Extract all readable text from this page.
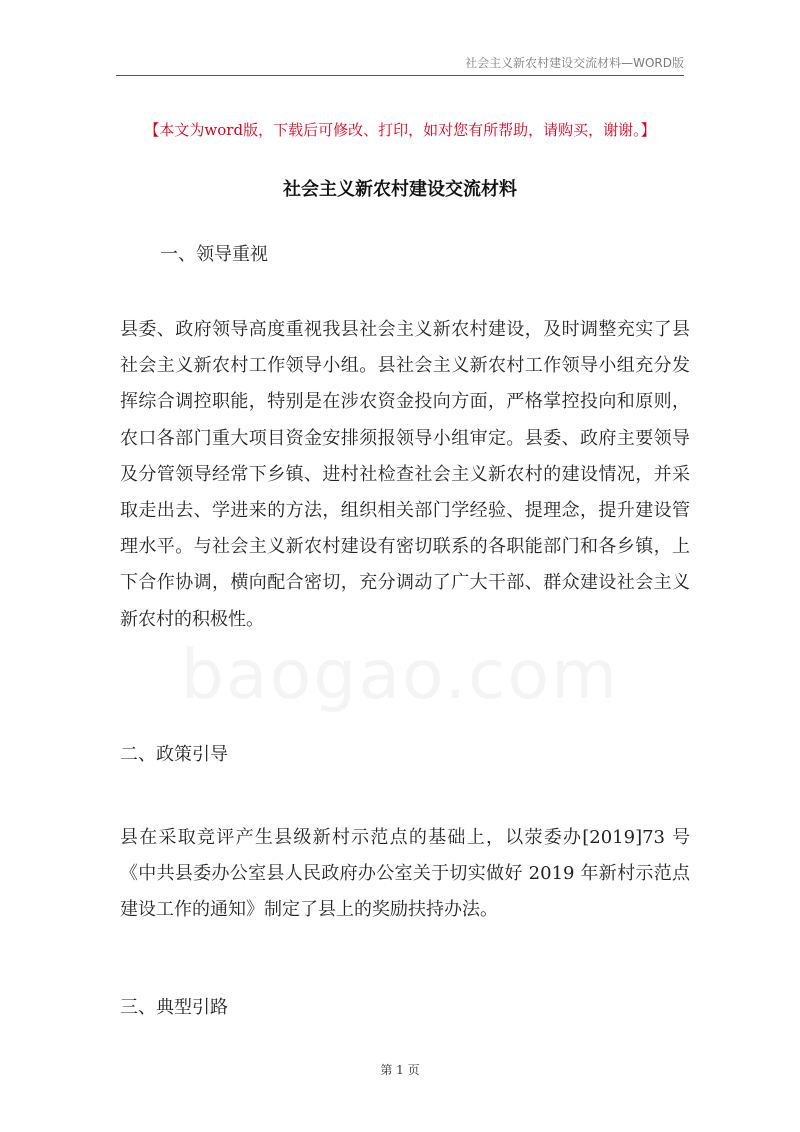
社会主义新农村建设交流材料—WORD版
【本文为word版，下载后可修改、打印，如对您有所帮助，请购买，谢谢。】
社会主义新农村建设交流材料
一、领导重视
县委、政府领导高度重视我县社会主义新农村建设，及时调整充实了县社会主义新农村工作领导小组。县社会主义新农村工作领导小组充分发挥综合调控职能，特别是在涉农资金投向方面，严格掌控投向和原则，农口各部门重大项目资金安排须报领导小组审定。县委、政府主要领导及分管领导经常下乡镇、进村社检查社会主义新农村的建设情况，并采取走出去、学进来的方法，组织相关部门学经验、提理念，提升建设管理水平。与社会主义新农村建设有密切联系的各职能部门和各乡镇，上下合作协调，横向配合密切，充分调动了广大干部、群众建设社会主义新农村的积极性。
二、政策引导
县在采取竞评产生县级新村示范点的基础上，以荥委办[2019]73 号《中共县委办公室县人民政府办公室关于切实做好 2019 年新村示范点建设工作的通知》制定了县上的奖励扶持办法。
三、典型引路
第 1 页
